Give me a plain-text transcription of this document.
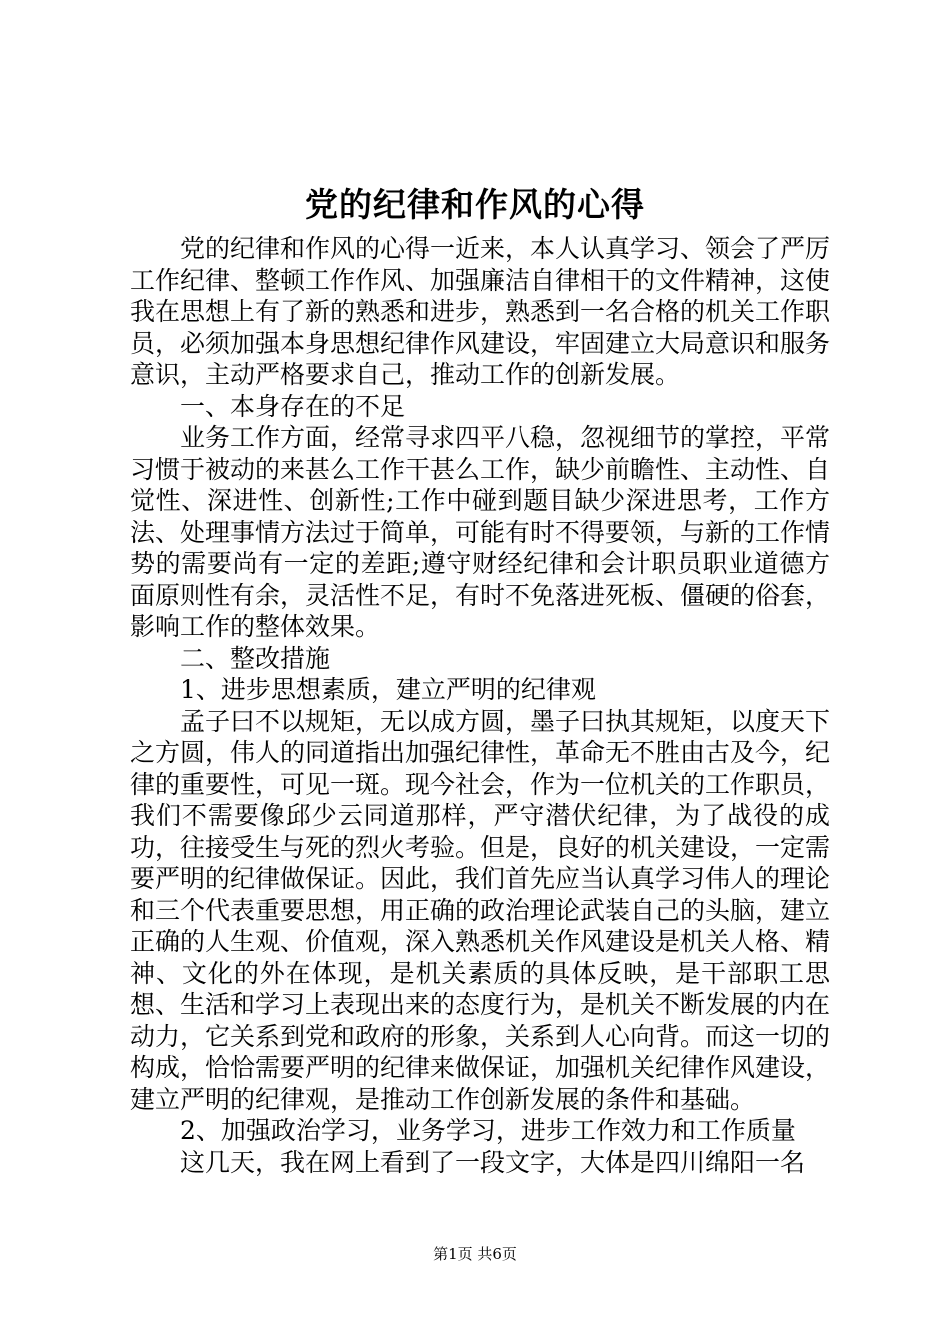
党的纪律和作风的心得

党的纪律和作风的心得一近来，本人认真学习、领会了严厉工作纪律、整顿工作作风、加强廉洁自律相干的文件精神，这使我在思想上有了新的熟悉和进步，熟悉到一名合格的机关工作职员，必须加强本身思想纪律作风建设，牢固建立大局意识和服务意识，主动严格要求自己，推动工作的创新发展。

一、本身存在的不足

业务工作方面，经常寻求四平八稳，忽视细节的掌控，平常习惯于被动的来甚么工作干甚么工作，缺少前瞻性、主动性、自觉性、深进性、创新性;工作中碰到题目缺少深进思考，工作方法、处理事情方法过于简单，可能有时不得要领，与新的工作情势的需要尚有一定的差距;遵守财经纪律和会计职员职业道德方面原则性有余，灵活性不足，有时不免落进死板、僵硬的俗套，影响工作的整体效果。

二、整改措施

1、进步思想素质，建立严明的纪律观

孟子曰不以规矩，无以成方圆，墨子曰执其规矩，以度天下之方圆，伟人的同道指出加强纪律性，革命无不胜由古及今，纪律的重要性，可见一斑。现今社会，作为一位机关的工作职员，我们不需要像邱少云同道那样，严守潜伏纪律，为了战役的成功，往接受生与死的烈火考验。但是，良好的机关建设，一定需要严明的纪律做保证。因此，我们首先应当认真学习伟人的理论和三个代表重要思想，用正确的政治理论武装自己的头脑，建立正确的人生观、价值观，深入熟悉机关作风建设是机关人格、精神、文化的外在体现，是机关素质的具体反映，是干部职工思想、生活和学习上表现出来的态度行为，是机关不断发展的内在动力，它关系到党和政府的形象，关系到人心向背。而这一切的构成，恰恰需要严明的纪律来做保证，加强机关纪律作风建设，建立严明的纪律观，是推动工作创新发展的条件和基础。

2、加强政治学习，业务学习，进步工作效力和工作质量

这几天，我在网上看到了一段文字，大体是四川绵阳一名

第1页 共6页
